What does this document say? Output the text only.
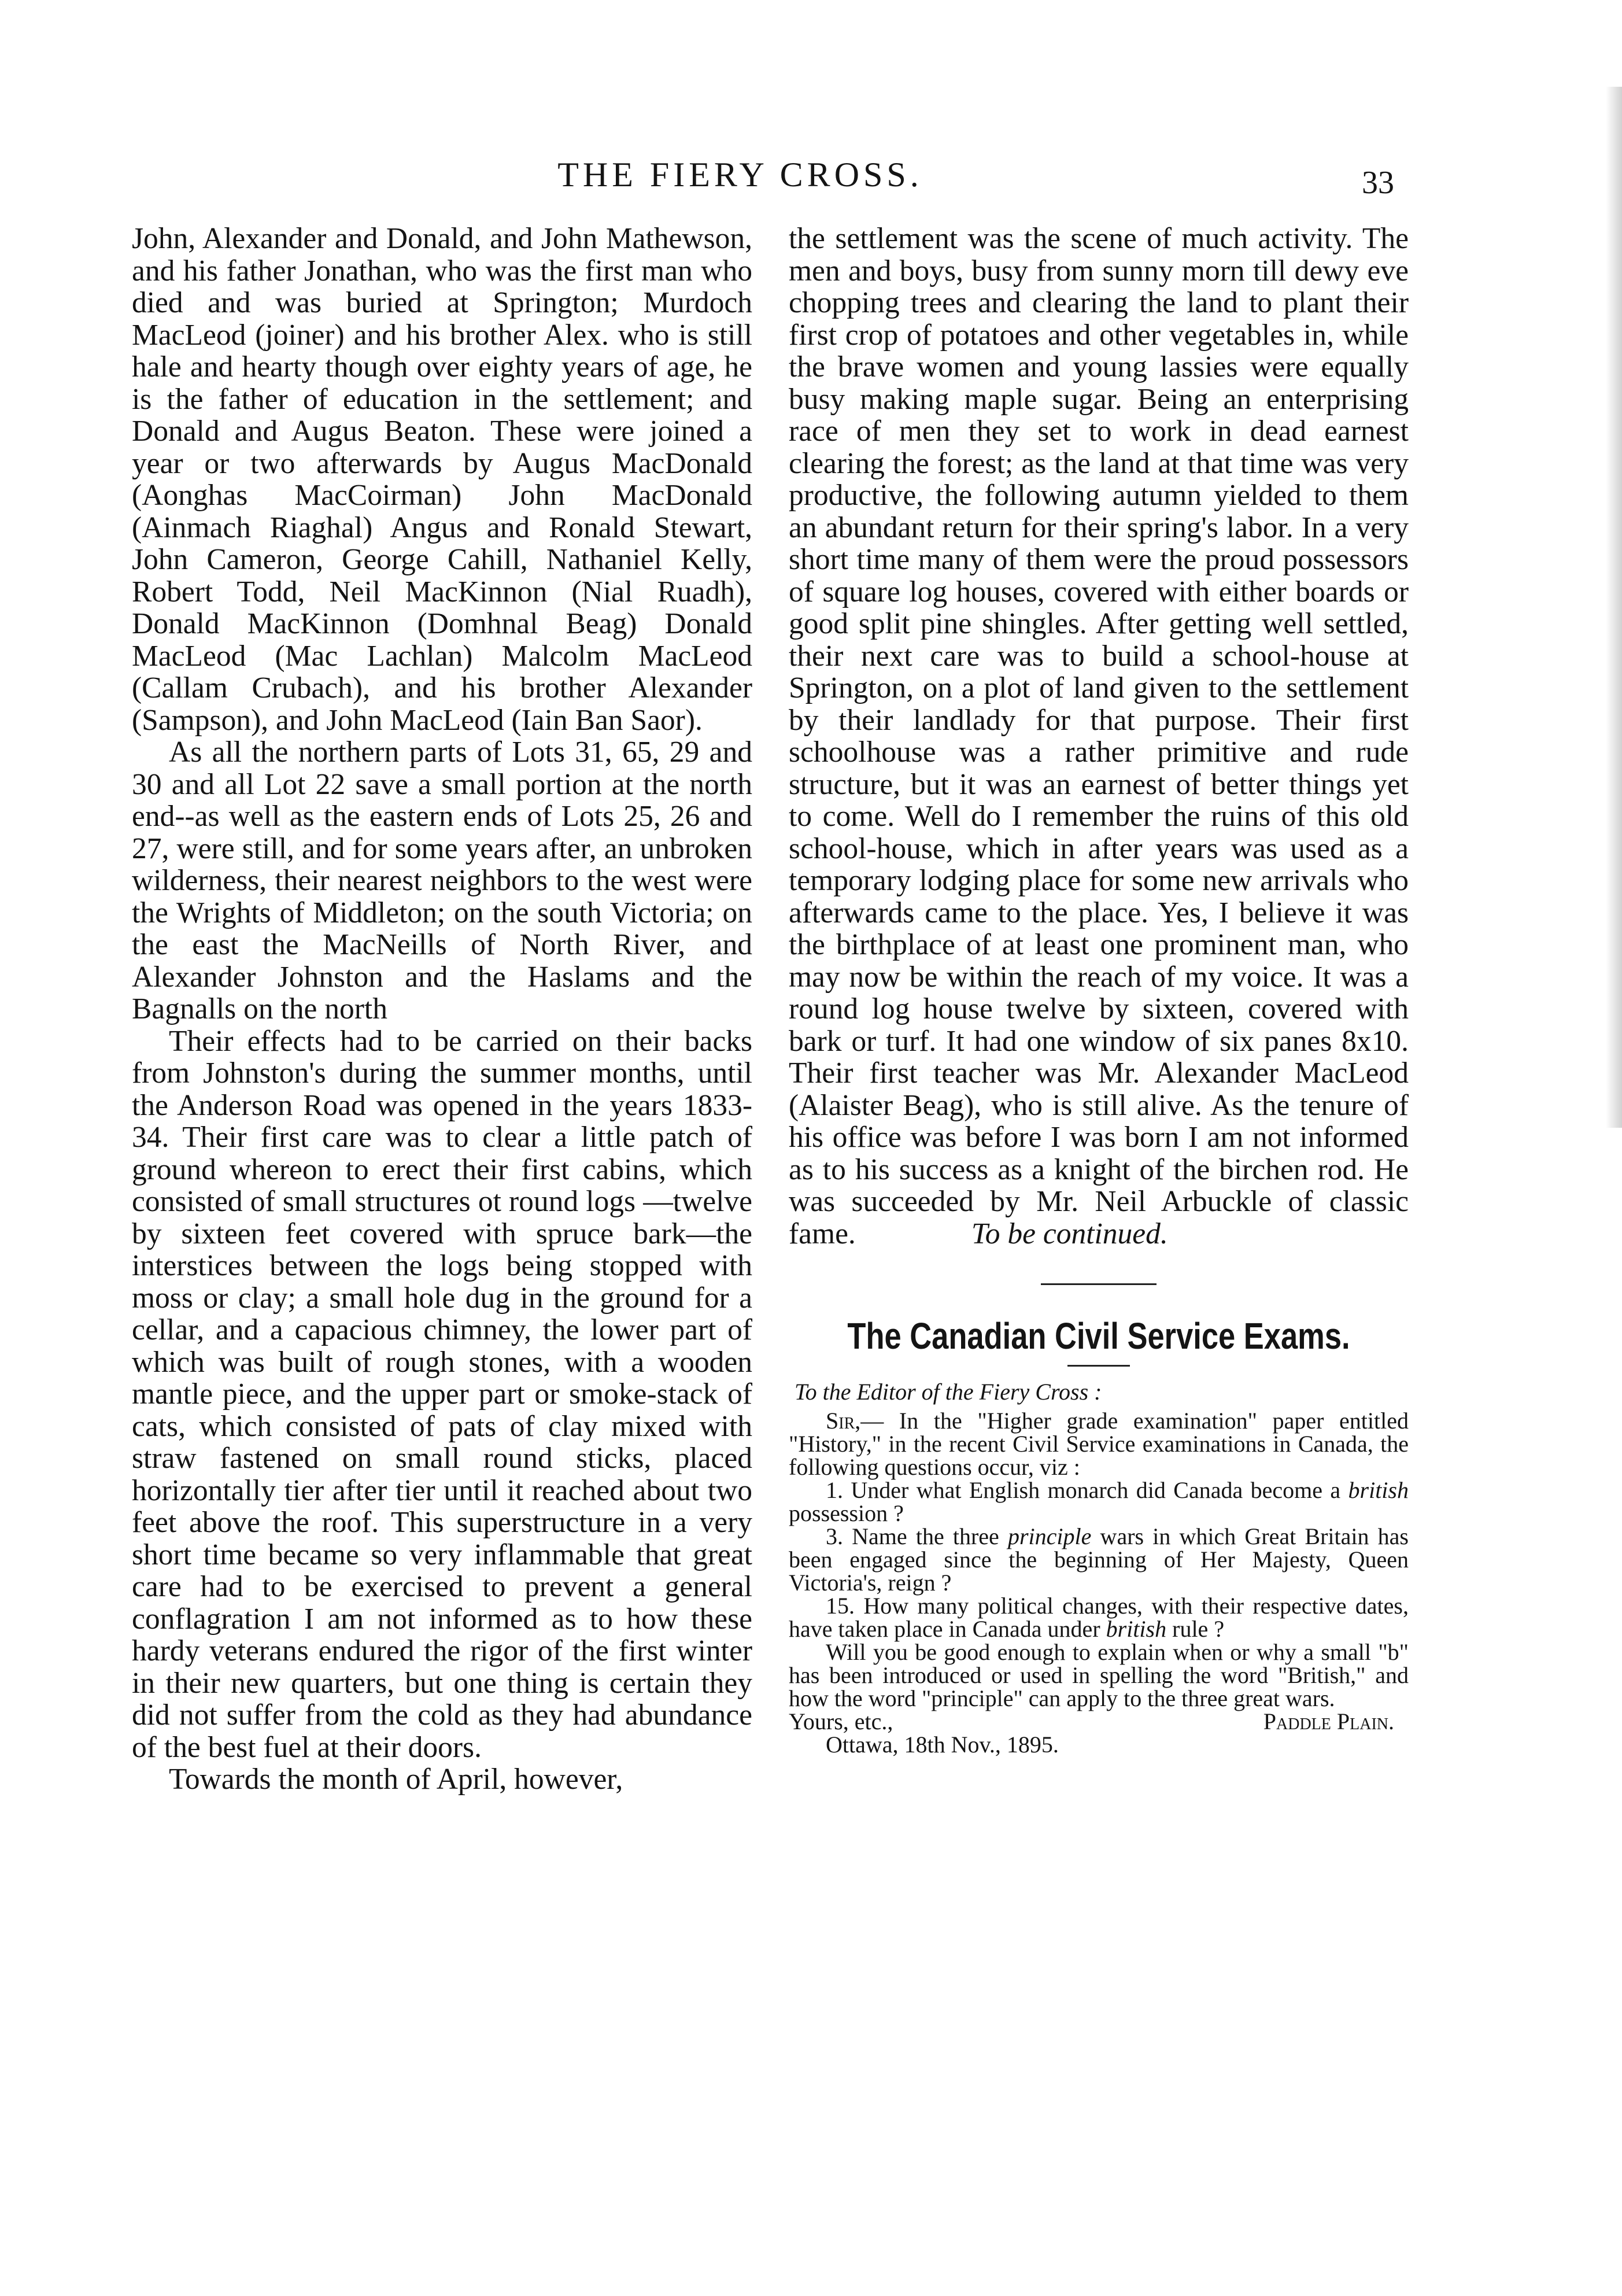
THE FIERY CROSS.	33

John, Alexander and Donald, and John Mathewson, and his father Jonathan, who was the first man who died and was buried at Springton; Murdoch MacLeod (joiner) and his brother Alex. who is still hale and hearty though over eighty years of age, he is the father of education in the settlement; and Donald and Augus Beaton. These were joined a year or two afterwards by Augus MacDonald (Aonghas MacCoirman) John MacDonald (Ainmach Riaghal) Angus and Ronald Stewart, John Cameron, George Cahill, Nathaniel Kelly, Robert Todd, Neil MacKinnon (Nial Ruadh), Donald MacKinnon (Domhnal Beag) Donald MacLeod (Mac Lachlan) Malcolm MacLeod (Callam Crubach), and his brother Alexander (Sampson), and John MacLeod (Iain Ban Saor).

As all the northern parts of Lots 31, 65, 29 and 30 and all Lot 22 save a small portion at the north end--as well as the eastern ends of Lots 25, 26 and 27, were still, and for some years after, an unbroken wilderness, their nearest neighbors to the west were the Wrights of Middleton; on the south Victoria; on the east the MacNeills of North River, and Alexander Johnston and the Haslams and the Bagnalls on the north

Their effects had to be carried on their backs from Johnston's during the summer months, until the Anderson Road was opened in the years 1833-34. Their first care was to clear a little patch of ground whereon to erect their first cabins, which consisted of small structures ot round logs —twelve by sixteen feet covered with spruce bark—the interstices between the logs being stopped with moss or clay; a small hole dug in the ground for a cellar, and a capacious chimney, the lower part of which was built of rough stones, with a wooden mantle piece, and the upper part or smoke-stack of cats, which consisted of pats of clay mixed with straw fastened on small round sticks, placed horizontally tier after tier until it reached about two feet above the roof. This superstructure in a very short time became so very inflammable that great care had to be exercised to prevent a general conflagration I am not informed as to how these hardy veterans endured the rigor of the first winter in their new quarters, but one thing is certain they did not suffer from the cold as they had abundance of the best fuel at their doors.

Towards the month of April, however,

the settlement was the scene of much activity. The men and boys, busy from sunny morn till dewy eve chopping trees and clearing the land to plant their first crop of potatoes and other vegetables in, while the brave women and young lassies were equally busy making maple sugar. Being an enterprising race of men they set to work in dead earnest clearing the forest; as the land at that time was very productive, the following autumn yielded to them an abundant return for their spring's labor. In a very short time many of them were the proud possessors of square log houses, covered with either boards or good split pine shingles. After getting well settled, their next care was to build a school-house at Springton, on a plot of land given to the settlement by their landlady for that purpose. Their first schoolhouse was a rather primitive and rude structure, but it was an earnest of better things yet to come. Well do I remember the ruins of this old school-house, which in after years was used as a temporary lodging place for some new arrivals who afterwards came to the place. Yes, I believe it was the birthplace of at least one prominent man, who may now be within the reach of my voice. It was a round log house twelve by sixteen, covered with bark or turf. It had one window of six panes 8x10. Their first teacher was Mr. Alexander MacLeod (Alaister Beag), who is still alive. As the tenure of his office was before I was born I am not informed as to his success as a knight of the birchen rod. He was succeeded by Mr. Neil Arbuckle of classic fame.	To be continued.

The Canadian Civil Service Exams.

To the Editor of the Fiery Cross :

Sir,— In the "Higher grade examination" paper entitled "History," in the recent Civil Service examinations in Canada, the following questions occur, viz :

1. Under what English monarch did Canada become a british possession ?

3. Name the three principle wars in which Great Britain has been engaged since the beginning of Her Majesty, Queen Victoria's, reign ?

15. How many political changes, with their respective dates, have taken place in Canada under british rule ?

Will you be good enough to explain when or why a small "b" has been introduced or used in spelling the word "British," and how the word "principle" can apply to the three great wars.

Yours, etc.,	Paddle Plain.

Ottawa, 18th Nov., 1895.
